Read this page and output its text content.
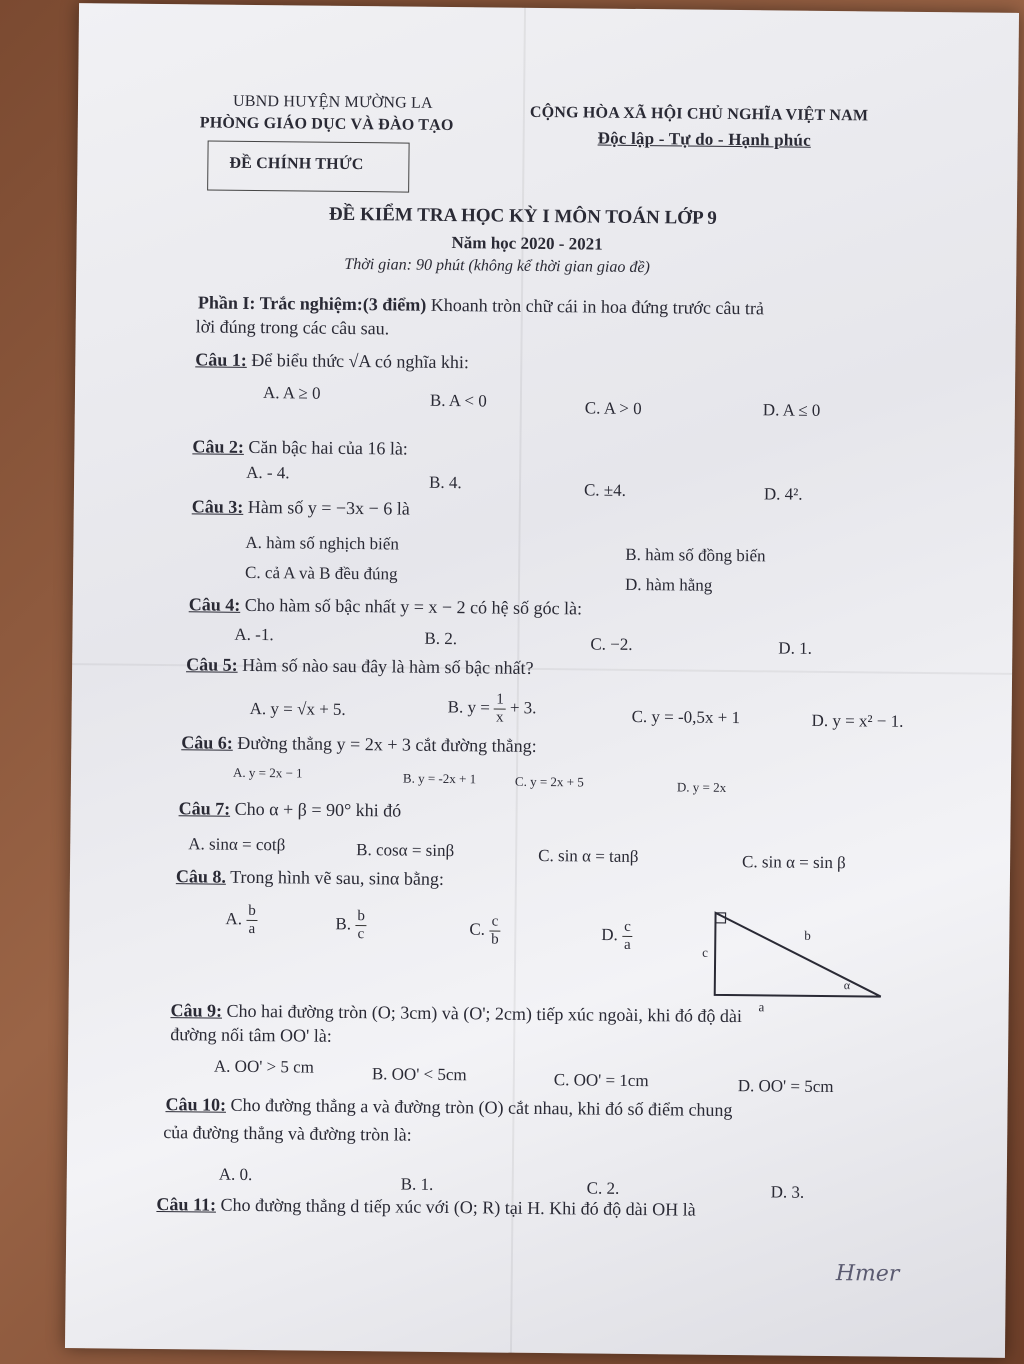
UBND HUYỆN MƯỜNG LA
PHÒNG GIÁO DỤC VÀ ĐÀO TẠO
ĐỀ CHÍNH THỨC
CỘNG HÒA XÃ HỘI CHỦ NGHĨA VIỆT NAM
Độc lập - Tự do - Hạnh phúc
ĐỀ KIỂM TRA HỌC KỲ I MÔN TOÁN LỚP 9
Năm học 2020 - 2021
Thời gian: 90 phút (không kể thời gian giao đề)
Phần I: Trắc nghiệm:(3 điểm) Khoanh tròn chữ cái in hoa đứng trước câu trả
lời đúng trong các câu sau.
Câu 1: Để biểu thức √A có nghĩa khi:
A. A ≥ 0	B. A < 0	C. A > 0	D. A ≤ 0
Câu 2: Căn bậc hai của 16 là:
A. - 4.
B. 4.	C. ±4.	D. 4².
Câu 3: Hàm số y = −3x − 6 là
A. hàm số nghịch biến
B. hàm số đồng biến
C. cả A và B đều đúng
D. hàm hằng
Câu 4: Cho hàm số bậc nhất y = x − 2 có hệ số góc là:
A. -1.	B. 2.	C. −2.	D. 1.
Câu 5: Hàm số nào sau đây là hàm số bậc nhất?
A. y = √x + 5.	B. $y = \frac{1}{x} + 3$.	C. y = -0,5x + 1	D. y = x² − 1.
Câu 6: Đường thẳng y = 2x + 3 cắt đường thẳng:
A. y = 2x − 1	B. y = -2x + 1	C. y = 2x + 5	D. y = 2x
Câu 7: Cho α + β = 90° khi đó
A. sinα = cotβ	B. cosα = sinβ	C. sin α = tanβ	C. sin α = sin β
Câu 8. Trong hình vẽ sau, sinα bằng:
A. $\frac{b}{a}$	B. $\frac{b}{c}$	C. $\frac{c}{b}$	D. $\frac{c}{a}$	c
b
α
a
Câu 9: Cho hai đường tròn (O; 3cm) và (O'; 2cm) tiếp xúc ngoài, khi đó độ dài
đường nối tâm OO' là:
A. OO' > 5 cm	B. OO' < 5cm	C. OO' = 1cm	D. OO' = 5cm
Câu 10: Cho đường thẳng a và đường tròn (O) cắt nhau, khi đó số điểm chung
của đường thẳng và đường tròn là:
A. 0.
B. 1.	C. 2.	D. 3.
Câu 11: Cho đường thẳng d tiếp xúc với (O; R) tại H. Khi đó độ dài OH là
Hmer
